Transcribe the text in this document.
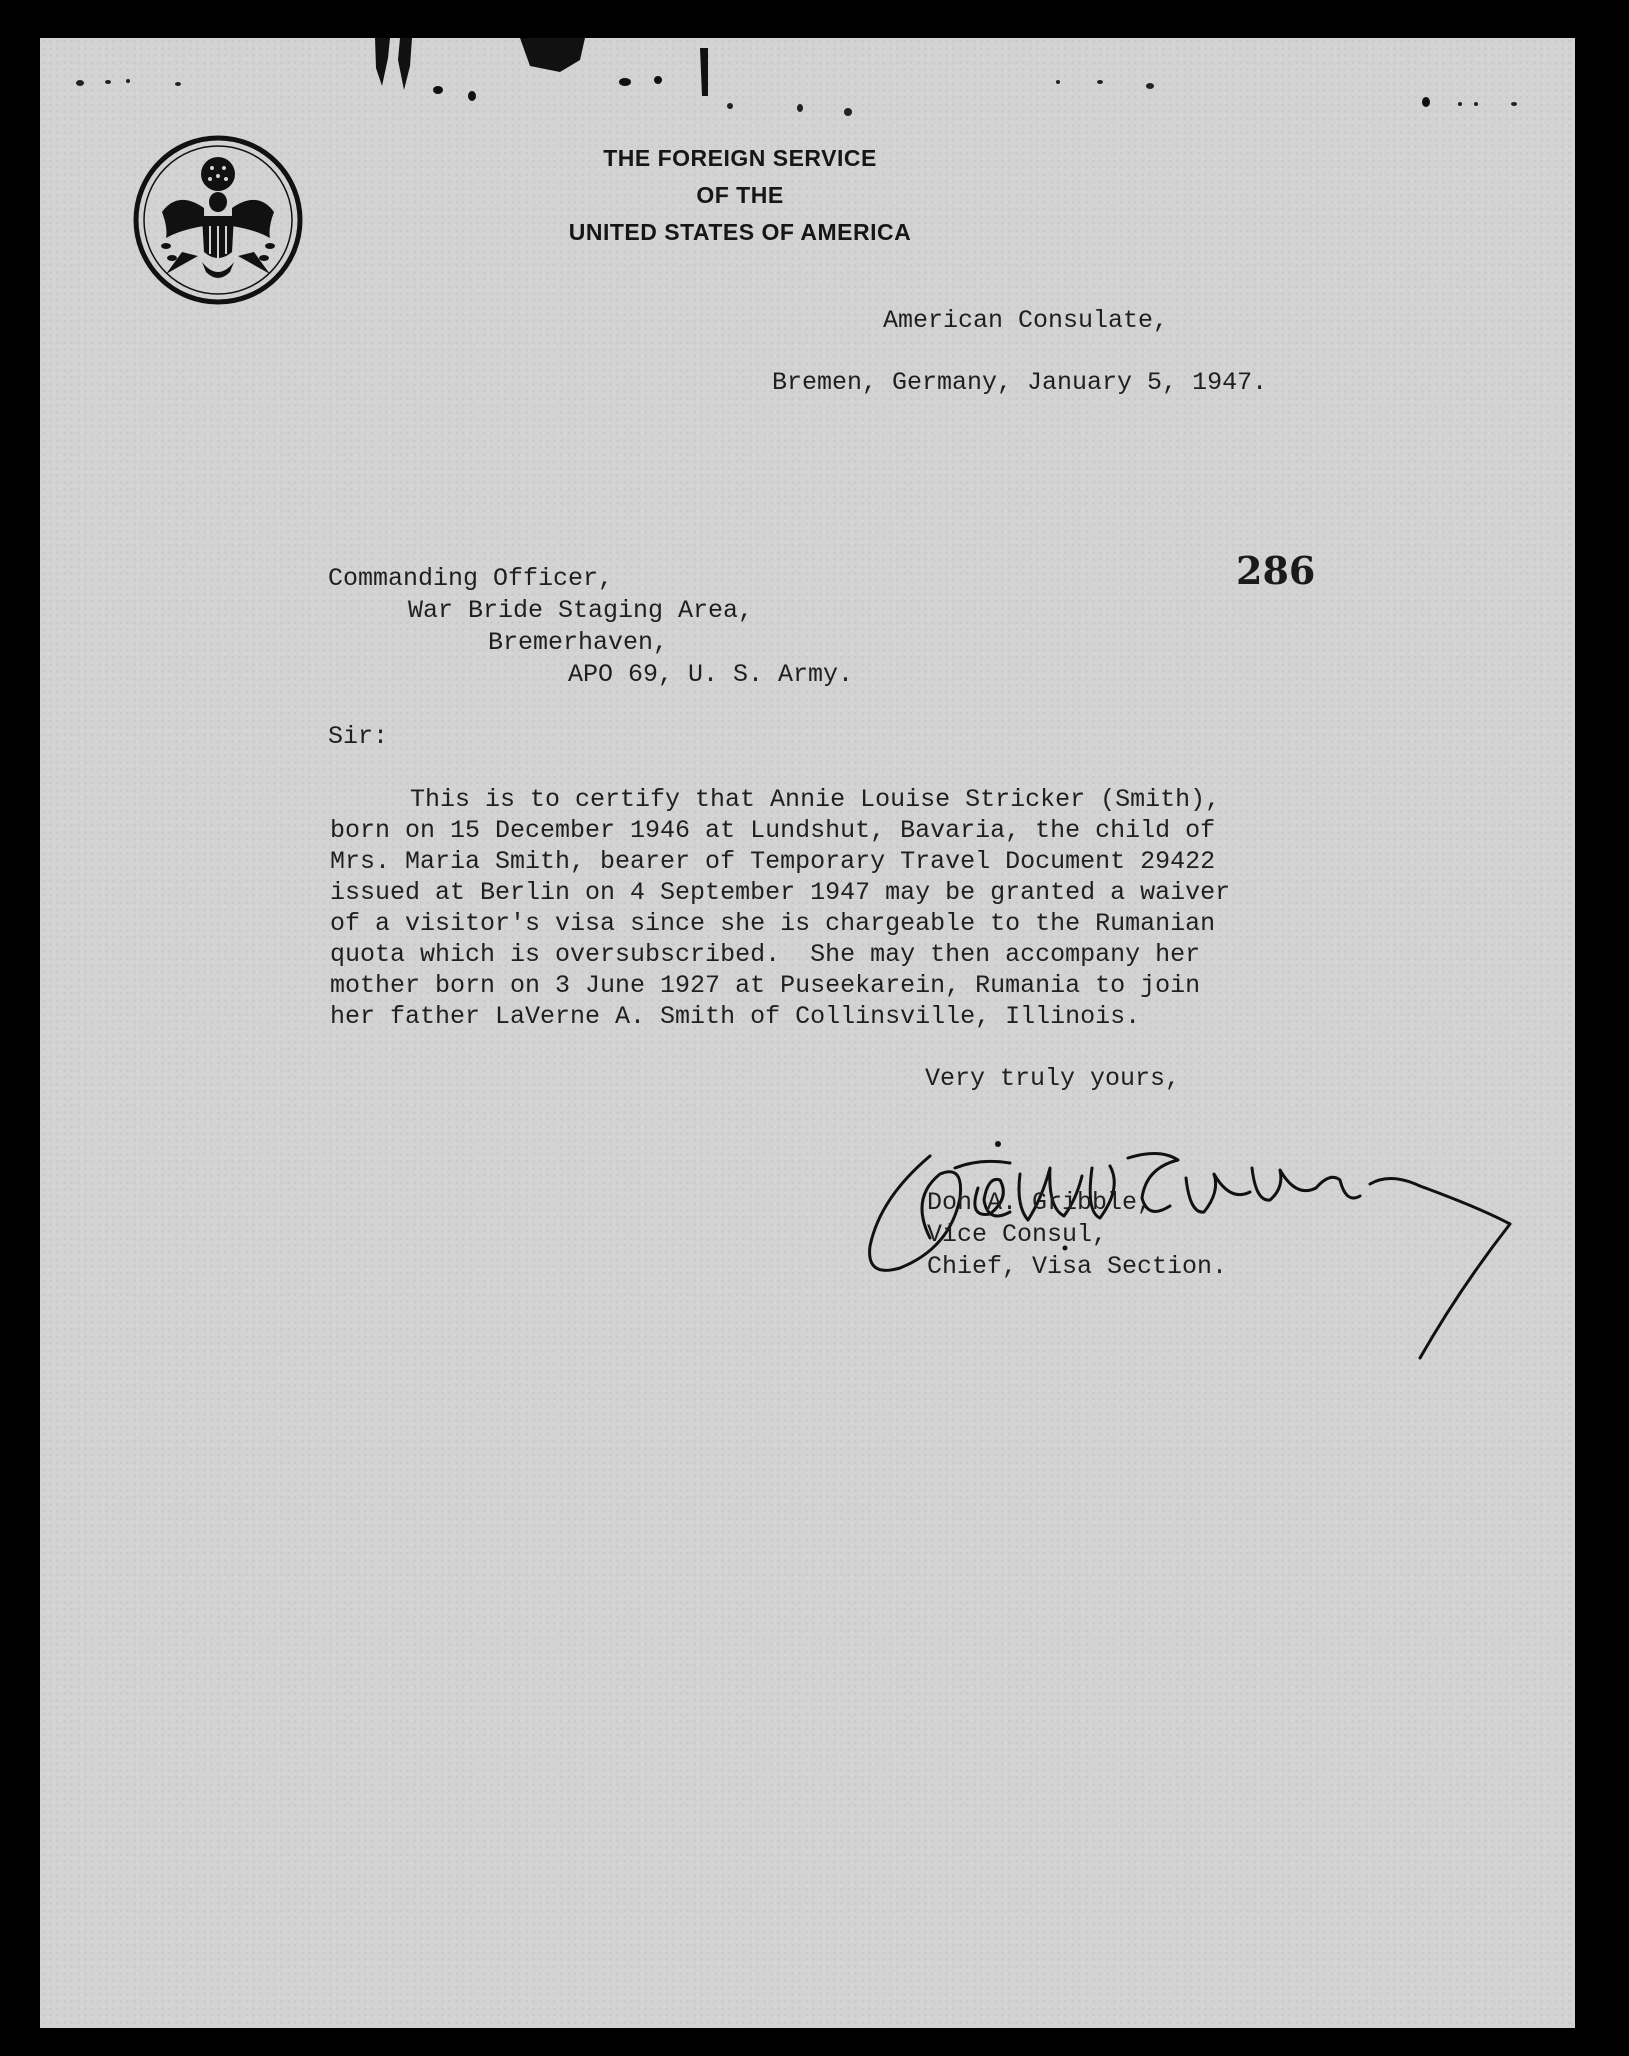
THE FOREIGN SERVICE
OF THE
UNITED STATES OF AMERICA
American Consulate,
Bremen, Germany, January 5, 1947.
286
Commanding Officer,
War Bride Staging Area,
Bremerhaven,
APO 69, U. S. Army.
Sir:
This is to certify that Annie Louise Stricker (Smith),
born on 15 December 1946 at Lundshut, Bavaria, the child of
Mrs. Maria Smith, bearer of Temporary Travel Document 29422
issued at Berlin on 4 September 1947 may be granted a waiver
of a visitor's visa since she is chargeable to the Rumanian
quota which is oversubscribed.  She may then accompany her
mother born on 3 June 1927 at Puseekarein, Rumania to join
her father LaVerne A. Smith of Collinsville, Illinois.
Very truly yours,
Don A. Gribble,
Vice Consul,
Chief, Visa Section.
